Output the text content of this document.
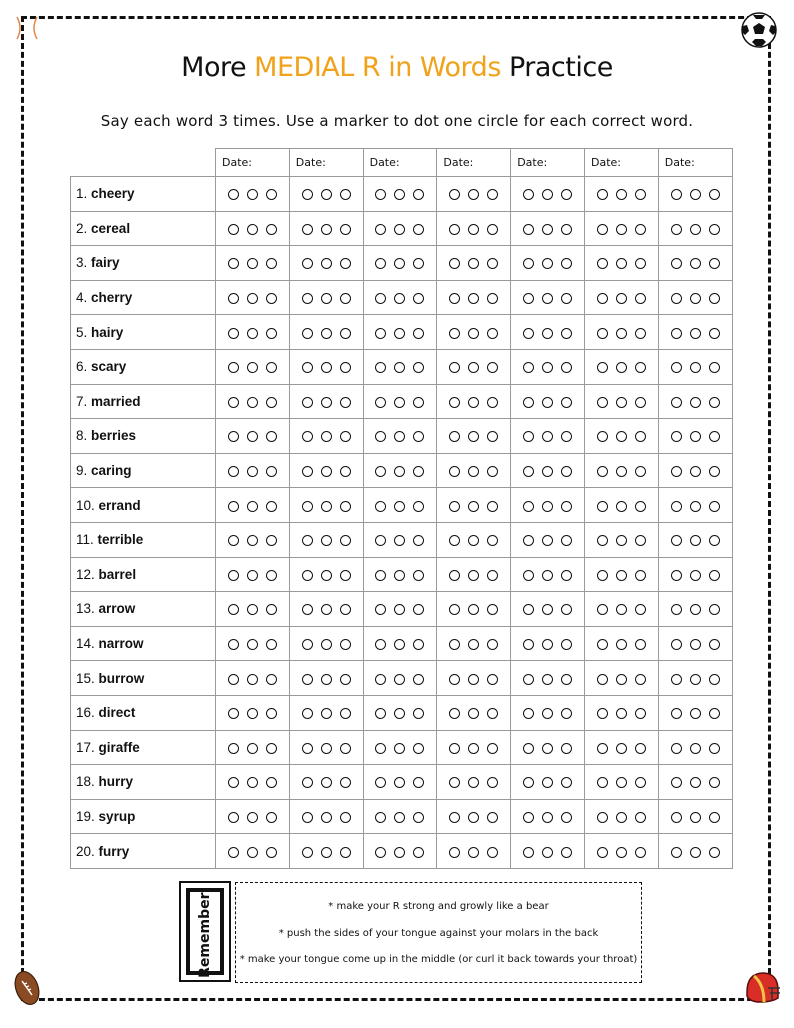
More MEDIAL R in Words Practice
Say each word 3 times. Use a marker to dot one circle for each correct word.
	Date:	Date:	Date:	Date:	Date:	Date:	Date:
1. cheery							
2. cereal							
3. fairy							
4. cherry							
5. hairy							
6. scary							
7. married							
8. berries							
9. caring							
10. errand							
11. terrible							
12. barrel							
13. arrow							
14. narrow							
15. burrow							
16. direct							
17. giraffe							
18. hurry							
19. syrup							
20. furry							
Remember!	* make your R strong and growly like a bear
* push the sides of your tongue against your molars in the back
* make your tongue come up in the middle (or curl it back towards your throat)
